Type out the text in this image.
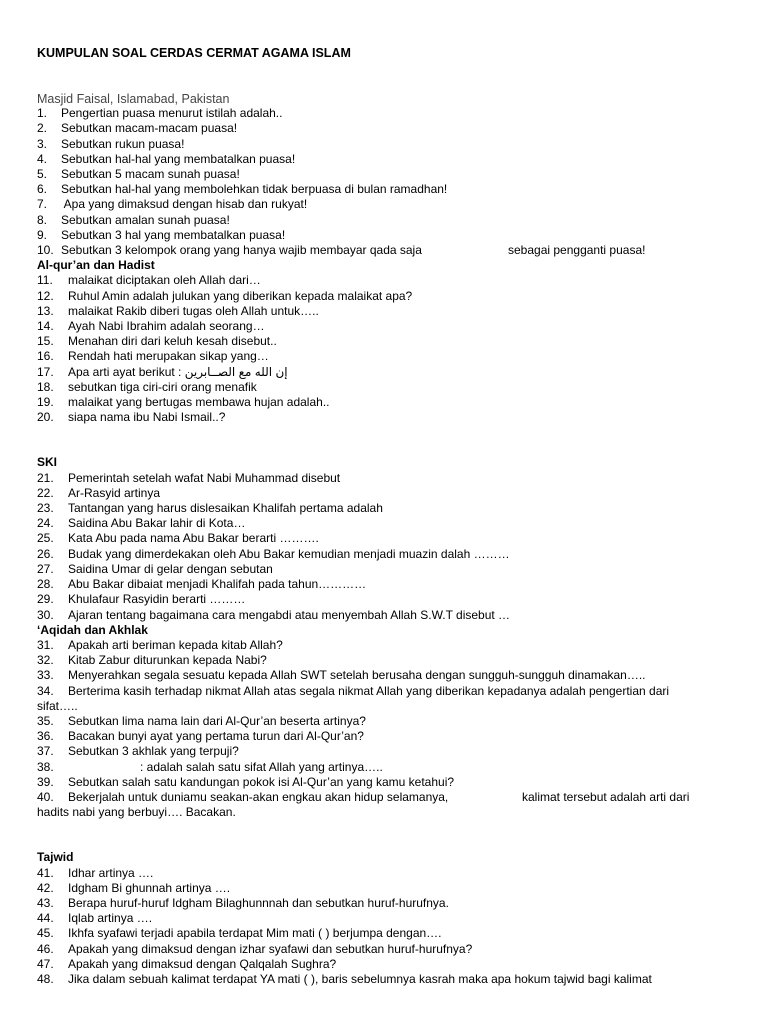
KUMPULAN SOAL CERDAS CERMAT AGAMA ISLAM
Masjid Faisal, Islamabad, Pakistan
1. Pengertian puasa menurut istilah adalah..
2. Sebutkan macam-macam puasa!
3. Sebutkan rukun puasa!
4. Sebutkan hal-hal yang membatalkan puasa!
5. Sebutkan 5 macam sunah puasa!
6. Sebutkan hal-hal yang membolehkan tidak berpuasa di bulan ramadhan!
7. Apa yang dimaksud dengan hisab dan rukyat!
8. Sebutkan amalan sunah puasa!
9. Sebutkan 3 hal yang membatalkan puasa!
10. Sebutkan 3 kelompok orang yang hanya wajib membayar qada saja	sebagai pengganti puasa!
Al-qur’an dan Hadist
11. malaikat diciptakan oleh Allah dari…
12. Ruhul Amin adalah julukan yang diberikan kepada malaikat apa?
13. malaikat Rakib diberi tugas oleh Allah untuk…..
14. Ayah Nabi Ibrahim adalah seorang…
15. Menahan diri dari keluh kesah disebut..
16. Rendah hati merupakan sikap yang…
17. Apa arti ayat berikut : إن الله مع الصــابرين
18. sebutkan tiga ciri-ciri orang menafik
19. malaikat yang bertugas membawa hujan adalah..
20. siapa nama ibu Nabi Ismail..?
SKI
21. Pemerintah setelah wafat Nabi Muhammad disebut
22. Ar-Rasyid artinya
23. Tantangan yang harus dislesaikan Khalifah pertama adalah
24. Saidina Abu Bakar lahir di Kota…
25. Kata Abu pada nama Abu Bakar berarti ……….
26. Budak yang dimerdekakan oleh Abu Bakar kemudian menjadi muazin dalah ………
27. Saidina Umar di gelar dengan sebutan
28. Abu Bakar dibaiat menjadi Khalifah pada tahun…………
29. Khulafaur Rasyidin berarti ………
30. Ajaran tentang bagaimana cara mengabdi atau menyembah Allah S.W.T disebut …
‘Aqidah dan Akhlak
31. Apakah arti beriman kepada kitab Allah?
32. Kitab Zabur diturunkan kepada Nabi?
33. Menyerahkan segala sesuatu kepada Allah SWT setelah berusaha dengan sungguh-sungguh dinamakan…..
34. Berterima kasih terhadap nikmat Allah atas segala nikmat Allah yang diberikan kepadanya adalah pengertian dari
sifat…..
35. Sebutkan lima nama lain dari Al-Qur’an beserta artinya?
36. Bacakan bunyi ayat yang pertama turun dari Al-Qur’an?
37. Sebutkan 3 akhlak yang terpuji?
38.	: adalah salah satu sifat Allah yang artinya…..
39. Sebutkan salah satu kandungan pokok isi Al-Qur’an yang kamu ketahui?
40. Bekerjalah untuk duniamu seakan-akan engkau akan hidup selamanya,	kalimat tersebut adalah arti dari
hadits nabi yang berbuyi…. Bacakan.
Tajwid
41. Idhar artinya ….
42. Idgham Bi ghunnah artinya ….
43. Berapa huruf-huruf Idgham Bilaghunnnah dan sebutkan huruf-hurufnya.
44. Iqlab artinya ….
45. Ikhfa syafawi terjadi apabila terdapat Mim mati ( ) berjumpa dengan….
46. Apakah yang dimaksud dengan izhar syafawi dan sebutkan huruf-hurufnya?
47. Apakah yang dimaksud dengan Qalqalah Sughra?
48. Jika dalam sebuah kalimat terdapat YA mati ( ), baris sebelumnya kasrah maka apa hokum tajwid bagi kalimat
